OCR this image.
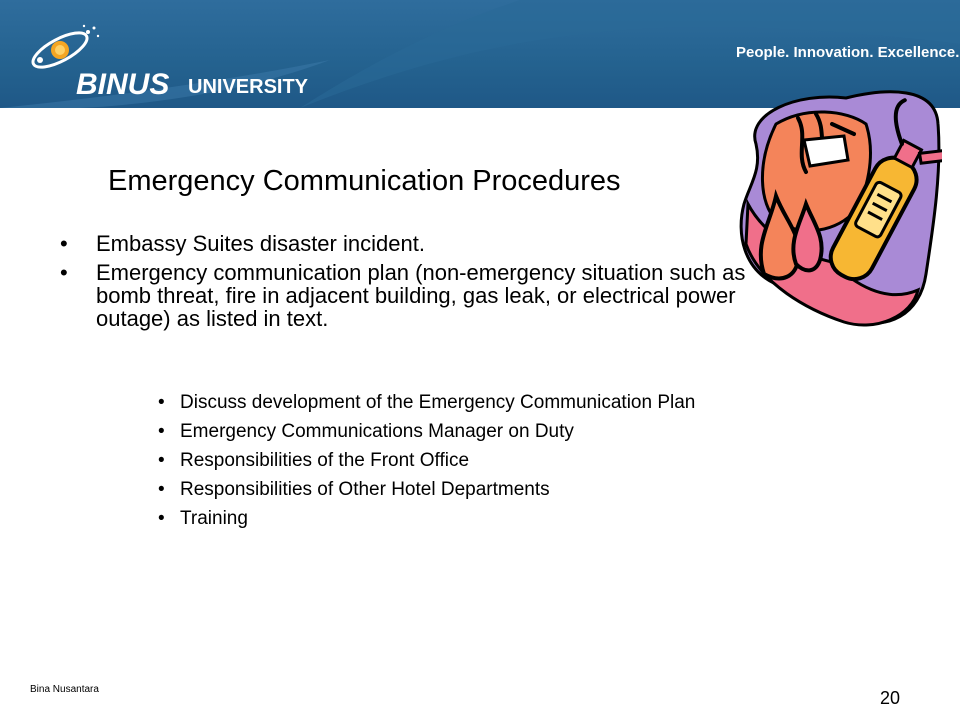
BINUS UNIVERSITY
People. Innovation. Excellence.
Emergency Communication Procedures
• Embassy Suites disaster incident.
• Emergency communication plan (non-emergency situation such as bomb threat, fire in adjacent building, gas leak, or electrical power outage) as listed in text.
• Discuss development of the Emergency Communication Plan
• Emergency Communications Manager on Duty
• Responsibilities of the Front Office
• Responsibilities of Other Hotel Departments
• Training
Bina Nusantara	20
